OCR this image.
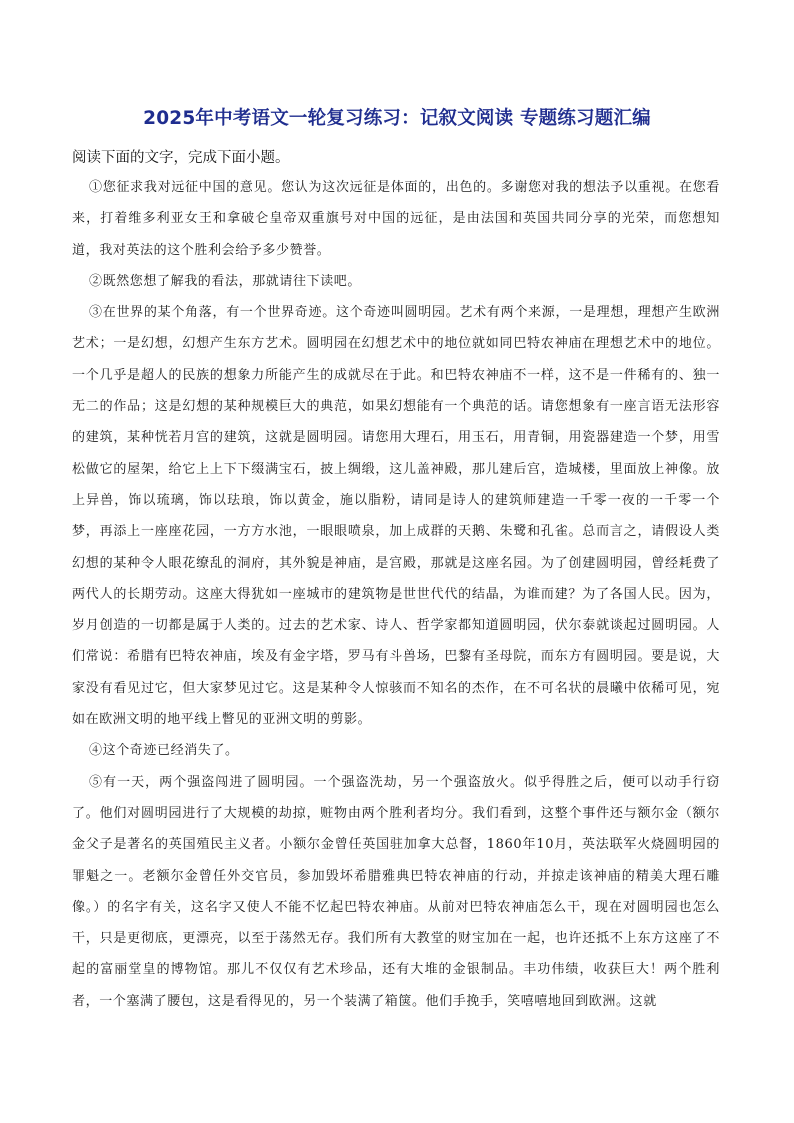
2025年中考语文一轮复习练习：记叙文阅读 专题练习题汇编
阅读下面的文字，完成下面小题。

①您征求我对远征中国的意见。您认为这次远征是体面的，出色的。多谢您对我的想法予以重视。在您看来，打着维多利亚女王和拿破仑皇帝双重旗号对中国的远征，是由法国和英国共同分享的光荣，而您想知道，我对英法的这个胜利会给予多少赞誉。

②既然您想了解我的看法，那就请往下读吧。

③在世界的某个角落，有一个世界奇迹。这个奇迹叫圆明园。艺术有两个来源，一是理想，理想产生欧洲艺术；一是幻想，幻想产生东方艺术。圆明园在幻想艺术中的地位就如同巴特农神庙在理想艺术中的地位。一个几乎是超人的民族的想象力所能产生的成就尽在于此。和巴特农神庙不一样，这不是一件稀有的、独一无二的作品；这是幻想的某种规模巨大的典范，如果幻想能有一个典范的话。请您想象有一座言语无法形容的建筑，某种恍若月宫的建筑，这就是圆明园。请您用大理石，用玉石，用青铜，用瓷器建造一个梦，用雪松做它的屋架，给它上上下下缀满宝石，披上绸缎，这儿盖神殿，那儿建后宫，造城楼，里面放上神像。放上异兽，饰以琉璃，饰以珐琅，饰以黄金，施以脂粉，请同是诗人的建筑师建造一千零一夜的一千零一个梦，再添上一座座花园，一方方水池，一眼眼喷泉，加上成群的天鹅、朱鹭和孔雀。总而言之，请假设人类幻想的某种令人眼花缭乱的洞府，其外貌是神庙，是宫殿，那就是这座名园。为了创建圆明园，曾经耗费了两代人的长期劳动。这座大得犹如一座城市的建筑物是世世代代的结晶，为谁而建？为了各国人民。因为，岁月创造的一切都是属于人类的。过去的艺术家、诗人、哲学家都知道圆明园，伏尔泰就谈起过圆明园。人们常说：希腊有巴特农神庙，埃及有金字塔，罗马有斗兽场，巴黎有圣母院，而东方有圆明园。要是说，大家没有看见过它，但大家梦见过它。这是某种令人惊骇而不知名的杰作，在不可名状的晨曦中依稀可见，宛如在欧洲文明的地平线上瞥见的亚洲文明的剪影。

④这个奇迹已经消失了。

⑤有一天，两个强盗闯进了圆明园。一个强盗洗劫，另一个强盗放火。似乎得胜之后，便可以动手行窃了。他们对圆明园进行了大规模的劫掠，赃物由两个胜利者均分。我们看到，这整个事件还与额尔金（额尔金父子是著名的英国殖民主义者。小额尔金曾任英国驻加拿大总督，1860年10月，英法联军火烧圆明园的罪魁之一。老额尔金曾任外交官员，参加毁坏希腊雅典巴特农神庙的行动，并掠走该神庙的精美大理石雕像。）的名字有关，这名字又使人不能不忆起巴特农神庙。从前对巴特农神庙怎么干，现在对圆明园也怎么干，只是更彻底，更漂亮，以至于荡然无存。我们所有大教堂的财宝加在一起，也许还抵不上东方这座了不起的富丽堂皇的博物馆。那儿不仅仅有艺术珍品，还有大堆的金银制品。丰功伟绩，收获巨大！两个胜利者，一个塞满了腰包，这是看得见的，另一个装满了箱箧。他们手挽手，笑嘻嘻地回到欧洲。这就
